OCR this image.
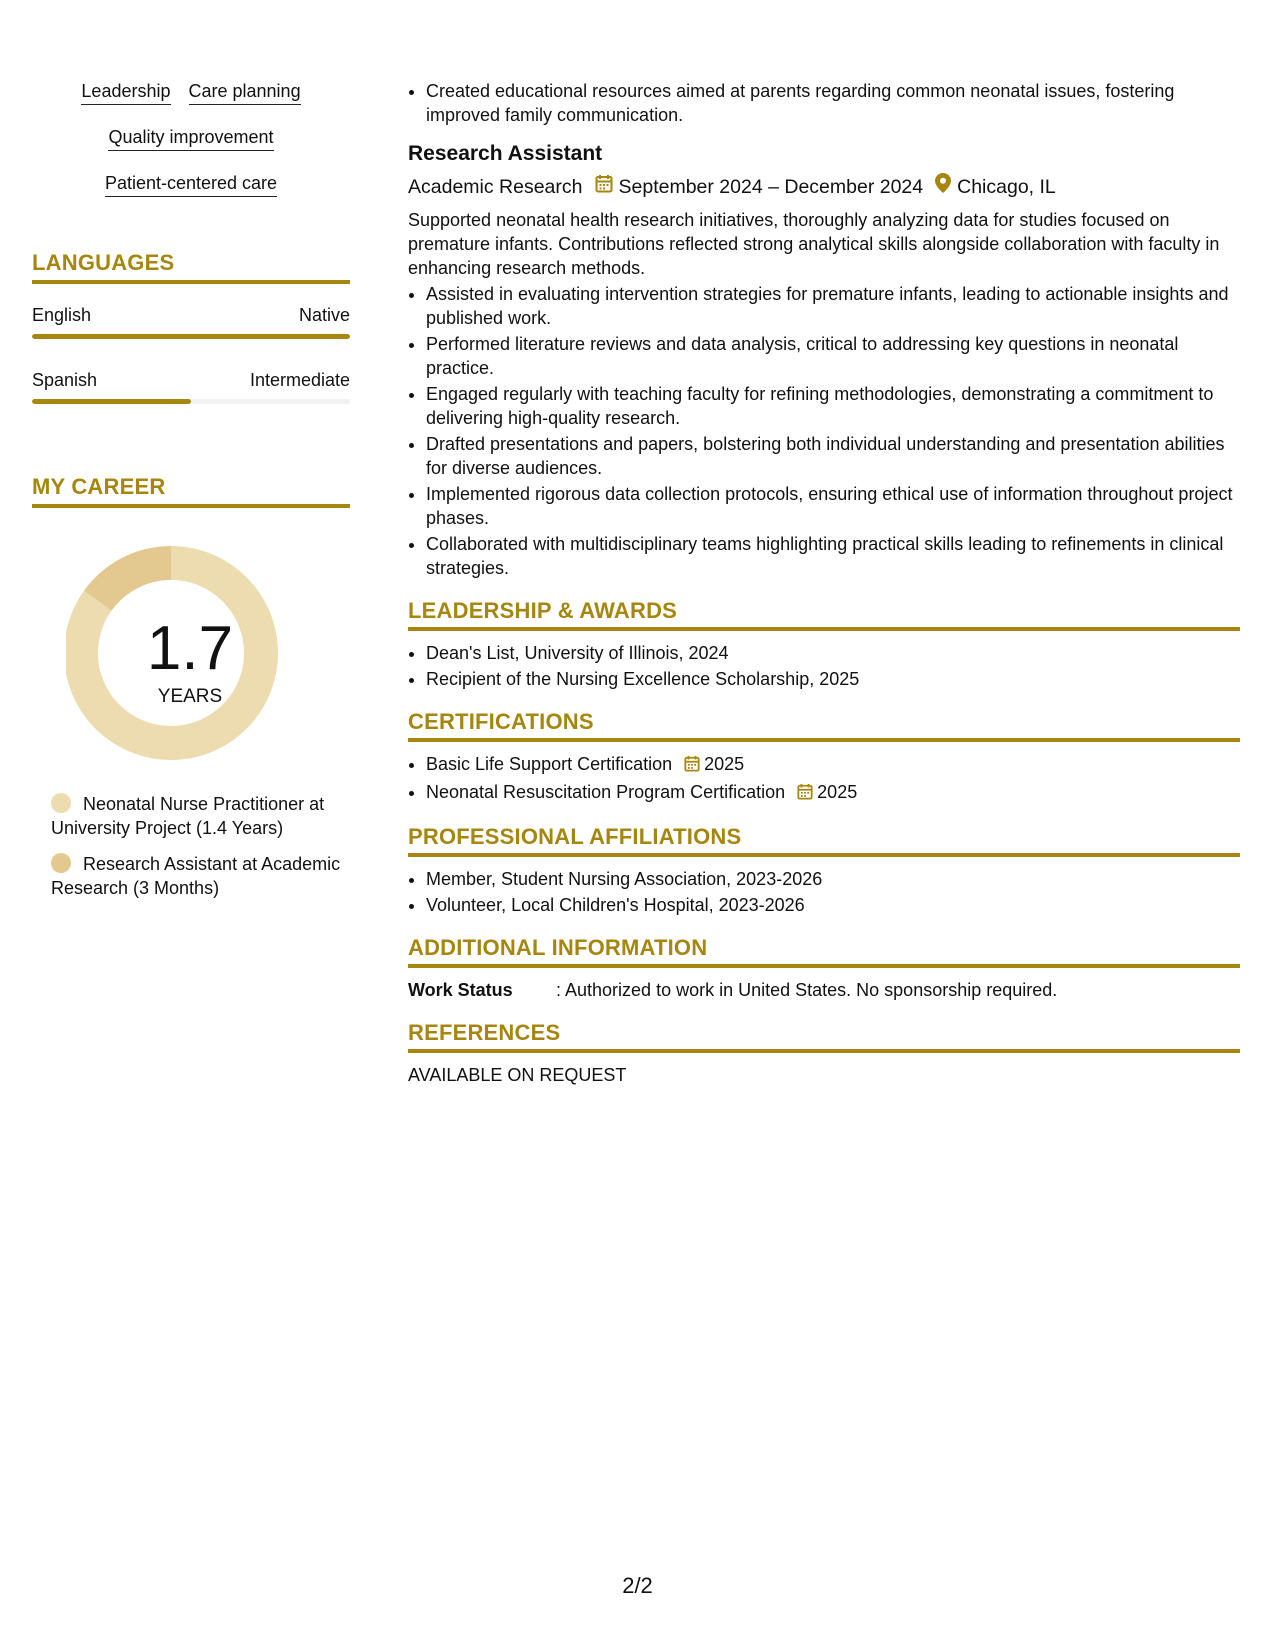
Leadership Care planning
Quality improvement
Patient-centered care
LANGUAGES
English	Native
Spanish	Intermediate
MY CAREER
1.7
YEARS
Neonatal Nurse Practitioner at University Project (1.4 Years)
Research Assistant at Academic Research (3 Months)
• Created educational resources aimed at parents regarding common neonatal issues, fostering improved family communication.
Research Assistant
Academic Research September 2024 – December 2024 Chicago, IL
Supported neonatal health research initiatives, thoroughly analyzing data for studies focused on premature infants. Contributions reflected strong analytical skills alongside collaboration with faculty in enhancing research methods.
• Assisted in evaluating intervention strategies for premature infants, leading to actionable insights and published work.
• Performed literature reviews and data analysis, critical to addressing key questions in neonatal practice.
• Engaged regularly with teaching faculty for refining methodologies, demonstrating a commitment to delivering high-quality research.
• Drafted presentations and papers, bolstering both individual understanding and presentation abilities for diverse audiences.
• Implemented rigorous data collection protocols, ensuring ethical use of information throughout project phases.
• Collaborated with multidisciplinary teams highlighting practical skills leading to refinements in clinical strategies.
LEADERSHIP & AWARDS
• Dean's List, University of Illinois, 2024
• Recipient of the Nursing Excellence Scholarship, 2025
CERTIFICATIONS
• Basic Life Support Certification 2025
• Neonatal Resuscitation Program Certification 2025
PROFESSIONAL AFFILIATIONS
• Member, Student Nursing Association, 2023-2026
• Volunteer, Local Children's Hospital, 2023-2026
ADDITIONAL INFORMATION
Work Status	: Authorized to work in United States. No sponsorship required.
REFERENCES
AVAILABLE ON REQUEST
2/2
